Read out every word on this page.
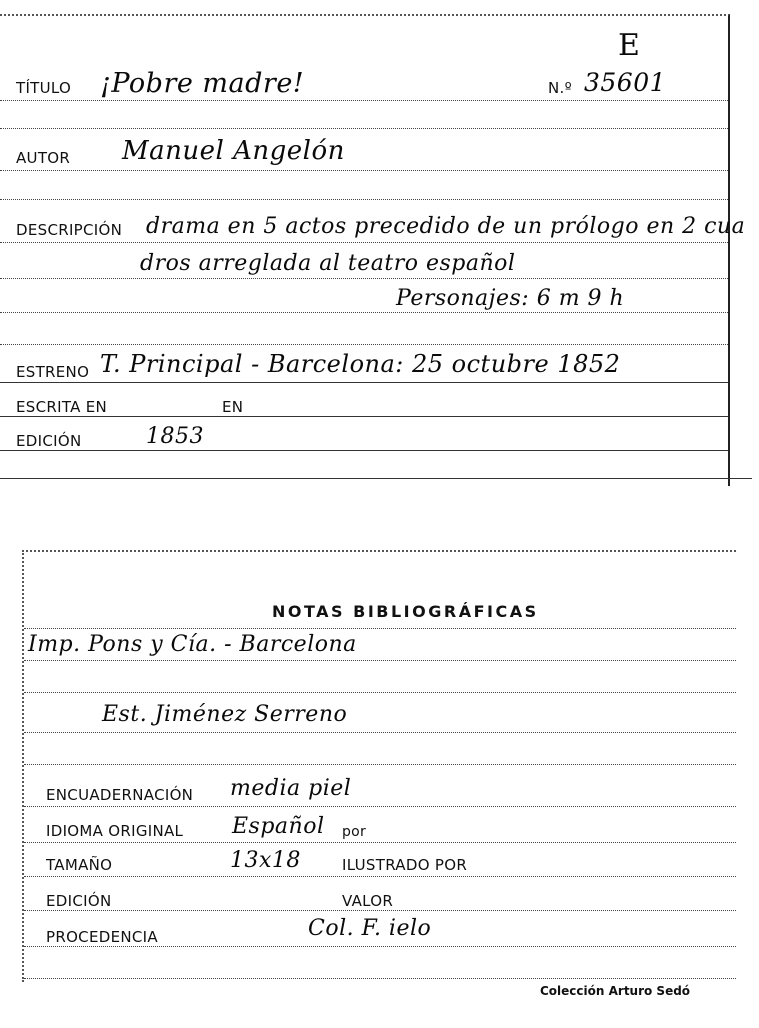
E
TÍTULO ¡Pobre madre!	N.º 35601
AUTOR Manuel Angelón
DESCRIPCIÓN drama en 5 actos precedido de un prólogo en 2 cua
dros arreglada al teatro español
Personajes: 6 m 9 h
ESTRENO T. Principal - Barcelona: 25 octubre 1852
ESCRITA EN	EN
EDICIÓN	1853
NOTAS BIBLIOGRÁFICAS
Imp. Pons y Cía. - Barcelona
Est. Jiménez Serreno
ENCUADERNACIÓN media piel
IDIOMA ORIGINAL Español por
TAMAÑO	13x18	ILUSTRADO POR
EDICIÓN	VALOR
PROCEDENCIA	Col. F. ielo
Colección Arturo Sedó
